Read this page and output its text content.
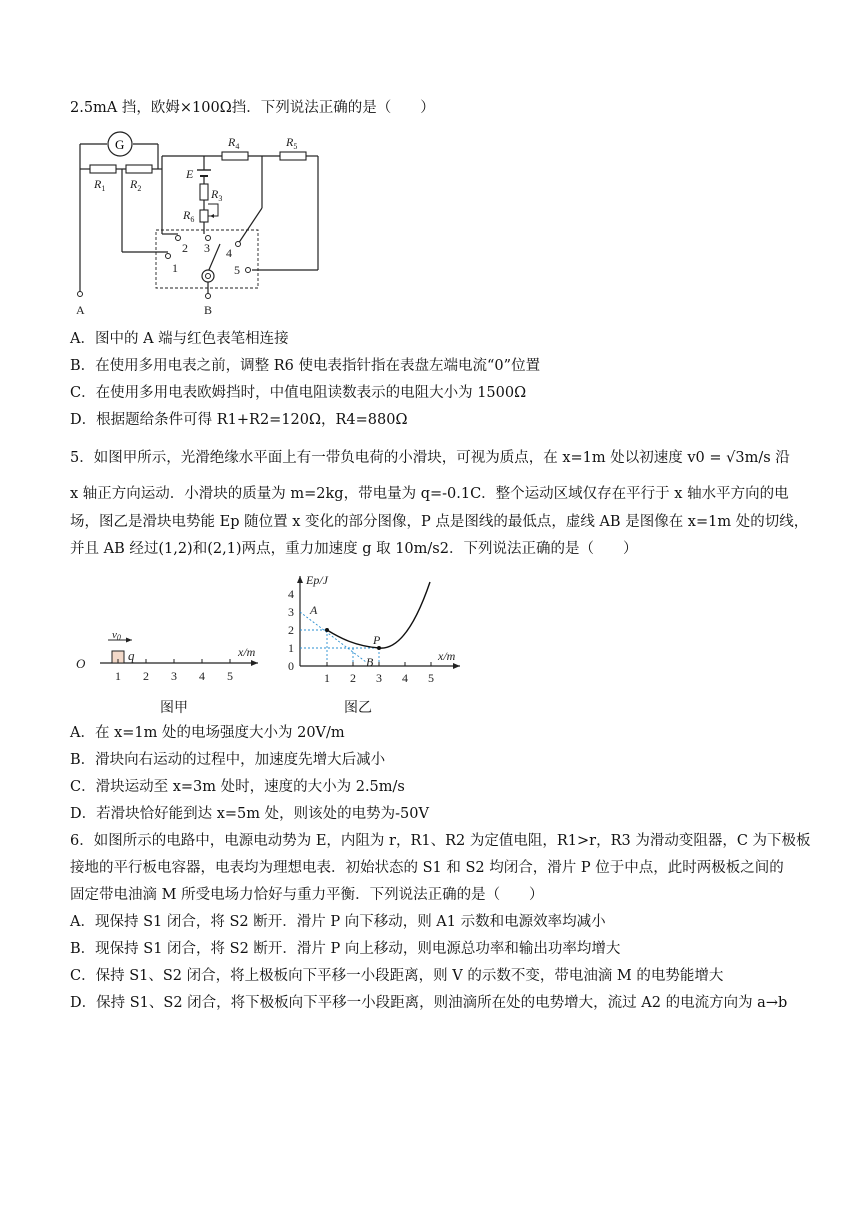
2.5mA 挡，欧姆×100Ω挡．下列说法正确的是（　　）
G
$R_1$ $R_2$
$R_4$	$R_5$
E
$R_3$
$R_6$
1
2 3 4
5
A	B
A．图中的 A 端与红色表笔相连接
B．在使用多用电表之前，调整 R6 使电表指针指在表盘左端电流“0”位置
C．在使用多用电表欧姆挡时，中值电阻读数表示的电阻大小为 1500Ω
D．根据题给条件可得 R1+R2=120Ω，R4=880Ω
5．如图甲所示，光滑绝缘水平面上有一带负电荷的小滑块，可视为质点，在 x=1m 处以初速度 v0 = √3m/s 沿
x 轴正方向运动．小滑块的质量为 m=2kg，带电量为 q=-0.1C．整个运动区域仅存在平行于 x 轴水平方向的电
场，图乙是滑块电势能 Ep 随位置 x 变化的部分图像，P 点是图线的最低点，虚线 AB 是图像在 x=1m 处的切线，
并且 AB 经过(1,2)和(2,1)两点，重力加速度 g 取 10m/s2．下列说法正确的是（　　）
O
v0
q	x/m
1 2 3 4 5
图甲
Ep/J
x/m
4
3
2
1
0
1 2 3 4 5
A
B
P
图乙
A．在 x=1m 处的电场强度大小为 20V/m
B．滑块向右运动的过程中，加速度先增大后减小
C．滑块运动至 x=3m 处时，速度的大小为 2.5m/s
D．若滑块恰好能到达 x=5m 处，则该处的电势为-50V
6．如图所示的电路中，电源电动势为 E，内阻为 r，R1、R2 为定值电阻，R1>r，R3 为滑动变阻器，C 为下极板
接地的平行板电容器，电表均为理想电表．初始状态的 S1 和 S2 均闭合，滑片 P 位于中点，此时两极板之间的
固定带电油滴 M 所受电场力恰好与重力平衡．下列说法正确的是（　　）
A．现保持 S1 闭合，将 S2 断开．滑片 P 向下移动，则 A1 示数和电源效率均减小
B．现保持 S1 闭合，将 S2 断开．滑片 P 向上移动，则电源总功率和输出功率均增大
C．保持 S1、S2 闭合，将上极板向下平移一小段距离，则 V 的示数不变，带电油滴 M 的电势能增大
D．保持 S1、S2 闭合，将下极板向下平移一小段距离，则油滴所在处的电势增大，流过 A2 的电流方向为 a→b
